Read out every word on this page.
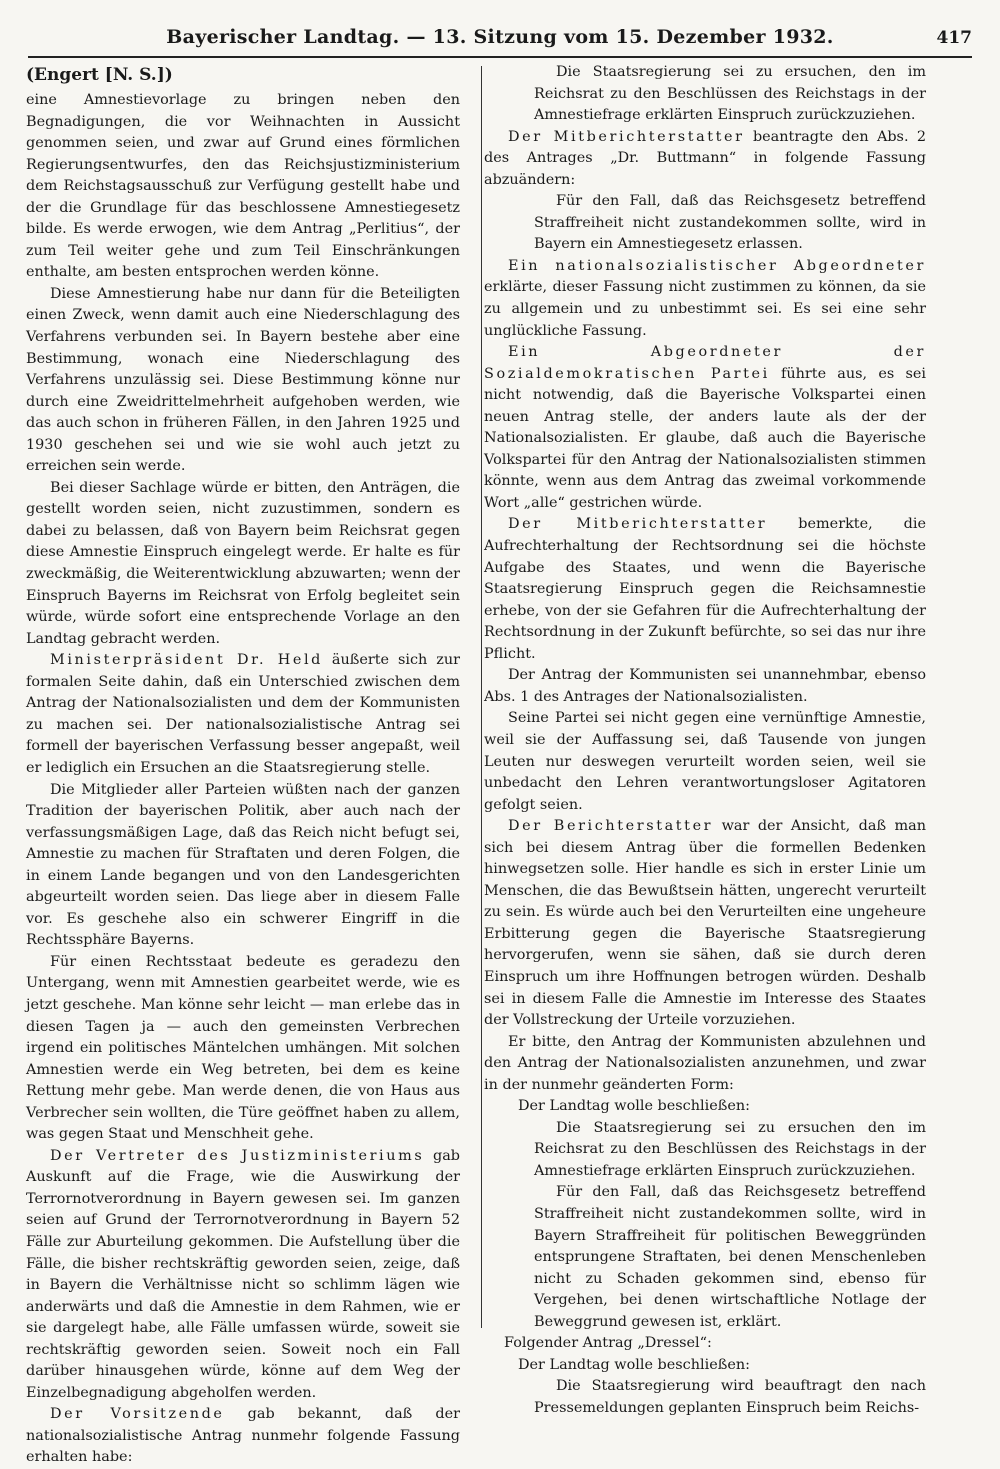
Bayerischer Landtag. — 13. Sitzung vom 15. Dezember 1932.	417

(Engert [N. S.])

eine Amnestievorlage zu bringen neben den Begnadigungen, die vor Weihnachten in Aussicht genommen seien, und zwar auf Grund eines förmlichen Regierungsentwurfes, den das Reichsjustizministerium dem Reichstagsausschuß zur Verfügung gestellt habe und der die Grundlage für das beschlossene Amnestiegesetz bilde. Es werde erwogen, wie dem Antrag „Perlitius“, der zum Teil weiter gehe und zum Teil Einschränkungen enthalte, am besten entsprochen werden könne.

Diese Amnestierung habe nur dann für die Beteiligten einen Zweck, wenn damit auch eine Niederschlagung des Verfahrens verbunden sei. In Bayern bestehe aber eine Bestimmung, wonach eine Niederschlagung des Verfahrens unzulässig sei. Diese Bestimmung könne nur durch eine Zweidrittelmehrheit aufgehoben werden, wie das auch schon in früheren Fällen, in den Jahren 1925 und 1930 geschehen sei und wie sie wohl auch jetzt zu erreichen sein werde.

Bei dieser Sachlage würde er bitten, den Anträgen, die gestellt worden seien, nicht zuzustimmen, sondern es dabei zu belassen, daß von Bayern beim Reichsrat gegen diese Amnestie Einspruch eingelegt werde. Er halte es für zweckmäßig, die Weiterentwicklung abzuwarten; wenn der Einspruch Bayerns im Reichsrat von Erfolg begleitet sein würde, würde sofort eine entsprechende Vorlage an den Landtag gebracht werden.

Ministerpräsident Dr. Held äußerte sich zur formalen Seite dahin, daß ein Unterschied zwischen dem Antrag der Nationalsozialisten und dem der Kommunisten zu machen sei. Der nationalsozialistische Antrag sei formell der bayerischen Verfassung besser angepaßt, weil er lediglich ein Ersuchen an die Staatsregierung stelle.

Die Mitglieder aller Parteien wüßten nach der ganzen Tradition der bayerischen Politik, aber auch nach der verfassungsmäßigen Lage, daß das Reich nicht befugt sei, Amnestie zu machen für Straftaten und deren Folgen, die in einem Lande begangen und von den Landesgerichten abgeurteilt worden seien. Das liege aber in diesem Falle vor. Es geschehe also ein schwerer Eingriff in die Rechtssphäre Bayerns.

Für einen Rechtsstaat bedeute es geradezu den Untergang, wenn mit Amnestien gearbeitet werde, wie es jetzt geschehe. Man könne sehr leicht — man erlebe das in diesen Tagen ja — auch den gemeinsten Verbrechen irgend ein politisches Mäntelchen umhängen. Mit solchen Amnestien werde ein Weg betreten, bei dem es keine Rettung mehr gebe. Man werde denen, die von Haus aus Verbrecher sein wollten, die Türe geöffnet haben zu allem, was gegen Staat und Menschheit gehe.

Der Vertreter des Justizministeriums gab Auskunft auf die Frage, wie die Auswirkung der Terrornotverordnung in Bayern gewesen sei. Im ganzen seien auf Grund der Terrornotverordnung in Bayern 52 Fälle zur Aburteilung gekommen. Die Aufstellung über die Fälle, die bisher rechtskräftig geworden seien, zeige, daß in Bayern die Verhältnisse nicht so schlimm lägen wie anderwärts und daß die Amnestie in dem Rahmen, wie er sie dargelegt habe, alle Fälle umfassen würde, soweit sie rechtskräftig geworden seien. Soweit noch ein Fall darüber hinausgehen würde, könne auf dem Weg der Einzelbegnadigung abgeholfen werden.

Der Vorsitzende gab bekannt, daß der nationalsozialistische Antrag nunmehr folgende Fassung erhalten habe:

Die Staatsregierung sei zu ersuchen, den im Reichsrat zu den Beschlüssen des Reichstags in der Amnestiefrage erklärten Einspruch zurückzuziehen.

Der Mitberichterstatter beantragte den Abs. 2 des Antrages „Dr. Buttmann“ in folgende Fassung abzuändern:

Für den Fall, daß das Reichsgesetz betreffend Straffreiheit nicht zustandekommen sollte, wird in Bayern ein Amnestiegesetz erlassen.

Ein nationalsozialistischer Abgeordneter erklärte, dieser Fassung nicht zustimmen zu können, da sie zu allgemein und zu unbestimmt sei. Es sei eine sehr unglückliche Fassung.

Ein Abgeordneter der Sozialdemokratischen Partei führte aus, es sei nicht notwendig, daß die Bayerische Volkspartei einen neuen Antrag stelle, der anders laute als der der Nationalsozialisten. Er glaube, daß auch die Bayerische Volkspartei für den Antrag der Nationalsozialisten stimmen könnte, wenn aus dem Antrag das zweimal vorkommende Wort „alle“ gestrichen würde.

Der Mitberichterstatter bemerkte, die Aufrechterhaltung der Rechtsordnung sei die höchste Aufgabe des Staates, und wenn die Bayerische Staatsregierung Einspruch gegen die Reichsamnestie erhebe, von der sie Gefahren für die Aufrechterhaltung der Rechtsordnung in der Zukunft befürchte, so sei das nur ihre Pflicht.

Der Antrag der Kommunisten sei unannehmbar, ebenso Abs. 1 des Antrages der Nationalsozialisten.

Seine Partei sei nicht gegen eine vernünftige Amnestie, weil sie der Auffassung sei, daß Tausende von jungen Leuten nur deswegen verurteilt worden seien, weil sie unbedacht den Lehren verantwortungsloser Agitatoren gefolgt seien.

Der Berichterstatter war der Ansicht, daß man sich bei diesem Antrag über die formellen Bedenken hinwegsetzen solle. Hier handle es sich in erster Linie um Menschen, die das Bewußtsein hätten, ungerecht verurteilt zu sein. Es würde auch bei den Verurteilten eine ungeheure Erbitterung gegen die Bayerische Staatsregierung hervorgerufen, wenn sie sähen, daß sie durch deren Einspruch um ihre Hoffnungen betrogen würden. Deshalb sei in diesem Falle die Amnestie im Interesse des Staates der Vollstreckung der Urteile vorzuziehen.

Er bitte, den Antrag der Kommunisten abzulehnen und den Antrag der Nationalsozialisten anzunehmen, und zwar in der nunmehr geänderten Form:

Der Landtag wolle beschließen:

Die Staatsregierung sei zu ersuchen den im Reichsrat zu den Beschlüssen des Reichstags in der Amnestiefrage erklärten Einspruch zurückzuziehen.

Für den Fall, daß das Reichsgesetz betreffend Straffreiheit nicht zustandekommen sollte, wird in Bayern Straffreiheit für politischen Beweggründen entsprungene Straftaten, bei denen Menschenleben nicht zu Schaden gekommen sind, ebenso für Vergehen, bei denen wirtschaftliche Notlage der Beweggrund gewesen ist, erklärt.

Folgender Antrag „Dressel“:

Der Landtag wolle beschließen:

Die Staatsregierung wird beauftragt den nach Pressemeldungen geplanten Einspruch beim Reichs-
